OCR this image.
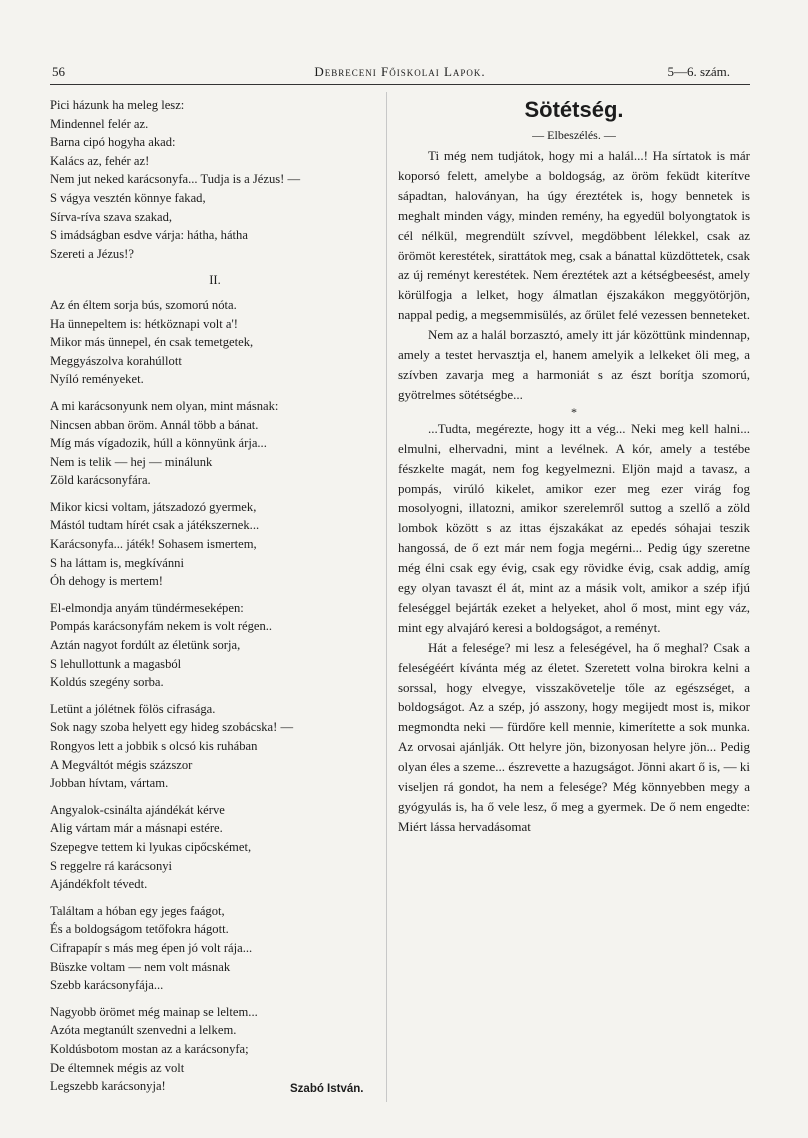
56	Debreceni Főiskolai Lapok.	5—6. szám.
Pici házunk ha meleg lesz:
Mindennel felér az.
Barna cipó hogyha akad:
Kalács az, fehér az!
Nem jut neked karácsonyfa... Tudja is a Jézus! —
S vágya vesztén könnye fakad,
Sírva-ríva szava szakad,
S imádságban esdve várja: hátha, hátha
Szereti a Jézus!?
II.
Az én éltem sorja bús, szomorú nóta.
Ha ünnepeltem is: hétköznapi volt a'!
Mikor más ünnepel, én csak temetgetek,
Meggyászolva korahúllott
Nyíló reményeket.
A mi karácsonyunk nem olyan, mint másnak:
Nincsen abban öröm. Annál több a bánat.
Míg más vígadozik, húll a könnyünk árja...
Nem is telik — hej — minálunk
Zöld karácsonyfára.
Mikor kicsi voltam, játszadozó gyermek,
Mástól tudtam hírét csak a játékszernek...
Karácsonyfa... játék! Sohasem ismertem,
S ha láttam is, megkívánni
Óh dehogy is mertem!
El-elmondja anyám tündérmeseképen:
Pompás karácsonyfám nekem is volt régen..
Aztán nagyot fordúlt az életünk sorja,
S lehullottunk a magasból
Koldús szegény sorba.
Letünt a jólétnek fölös cifrasága.
Sok nagy szoba helyett egy hideg szobácska! —
Rongyos lett a jobbik s olcsó kis ruhában
A Megváltót mégis százszor
Jobban hívtam, vártam.
Angyalok-csinálta ajándékát kérve
Alig vártam már a másnapi estére.
Szepegve tettem ki lyukas cipőcskémet,
S reggelre rá karácsonyi
Ajándékfolt tévedt.
Találtam a hóban egy jeges faágot,
És a boldogságom tetőfokra hágott.
Cifrapapír s más meg épen jó volt rája...
Büszke voltam — nem volt másnak
Szebb karácsonyfája...
Nagyobb örömet még mainap se leltem...
Azóta megtanúlt szenvedni a lelkem.
Koldúsbotom mostan az a karácsonyfa;
De éltemnek mégis az volt
Legszebb karácsonyja!	Szabó István.
Sötétség.
— Elbeszélés. —

Ti még nem tudjátok, hogy mi a halál...! Ha sírtatok is már koporsó felett, amelybe a boldogság, az öröm feküdt kiterítve sápadtan, haloványan, ha úgy éreztétek is, hogy bennetek is meghalt minden vágy, minden remény, ha egyedül bolyongtatok is cél nélkül, megrendült szívvel, megdöbbent lélekkel, csak az örömöt kerestétek, sirattátok meg, csak a bánattal küzdöttetek, csak az új reményt kerestétek. Nem éreztétek azt a kétségbeesést, amely körülfogja a lelket, hogy álmatlan éjszakákon meggyötörjön, nappal pedig, a megsemmisülés, az őrület felé vezessen benneteket.

Nem az a halál borzasztó, amely itt jár közöttünk mindennap, amely a testet hervasztja el, hanem amelyik a lelkeket öli meg, a szívben zavarja meg a harmoniát s az észt borítja szomorú, gyötrelmes sötétségbe...

*

...Tudta, megérezte, hogy itt a vég... Neki meg kell halni... elmulni, elhervadni, mint a levélnek. A kór, amely a testébe fészkelte magát, nem fog kegyelmezni. Eljön majd a tavasz, a pompás, virúló kikelet, amikor ezer meg ezer virág fog mosolyogni, illatozni, amikor szerelemről suttog a szellő a zöld lombok között s az ittas éjszakákat az epedés sóhajai teszik hangossá, de ő ezt már nem fogja megérni... Pedig úgy szeretne még élni csak egy évig, csak egy rövidke évig, csak addig, amíg egy olyan tavaszt él át, mint az a másik volt, amikor a szép ifjú feleséggel bejárták ezeket a helyeket, ahol ő most, mint egy váz, mint egy alvajáró keresi a boldogságot, a reményt.

Hát a felesége? mi lesz a feleségével, ha ő meghal? Csak a feleségéért kívánta még az életet. Szeretett volna birokra kelni a sorssal, hogy elvegye, visszakövetelje tőle az egészséget, a boldogságot. Az a szép, jó asszony, hogy megijedt most is, mikor megmondta neki — fürdőre kell mennie, kimerítette a sok munka. Az orvosai ajánlják. Ott helyre jön, bizonyosan helyre jön... Pedig olyan éles a szeme... észrevette a hazugságot. Jönni akart ő is, — ki viseljen rá gondot, ha nem a felesége? Még könnyebben megy a gyógyulás is, ha ő vele lesz, ő meg a gyermek. De ő nem engedte: Miért lássa hervadásomat
